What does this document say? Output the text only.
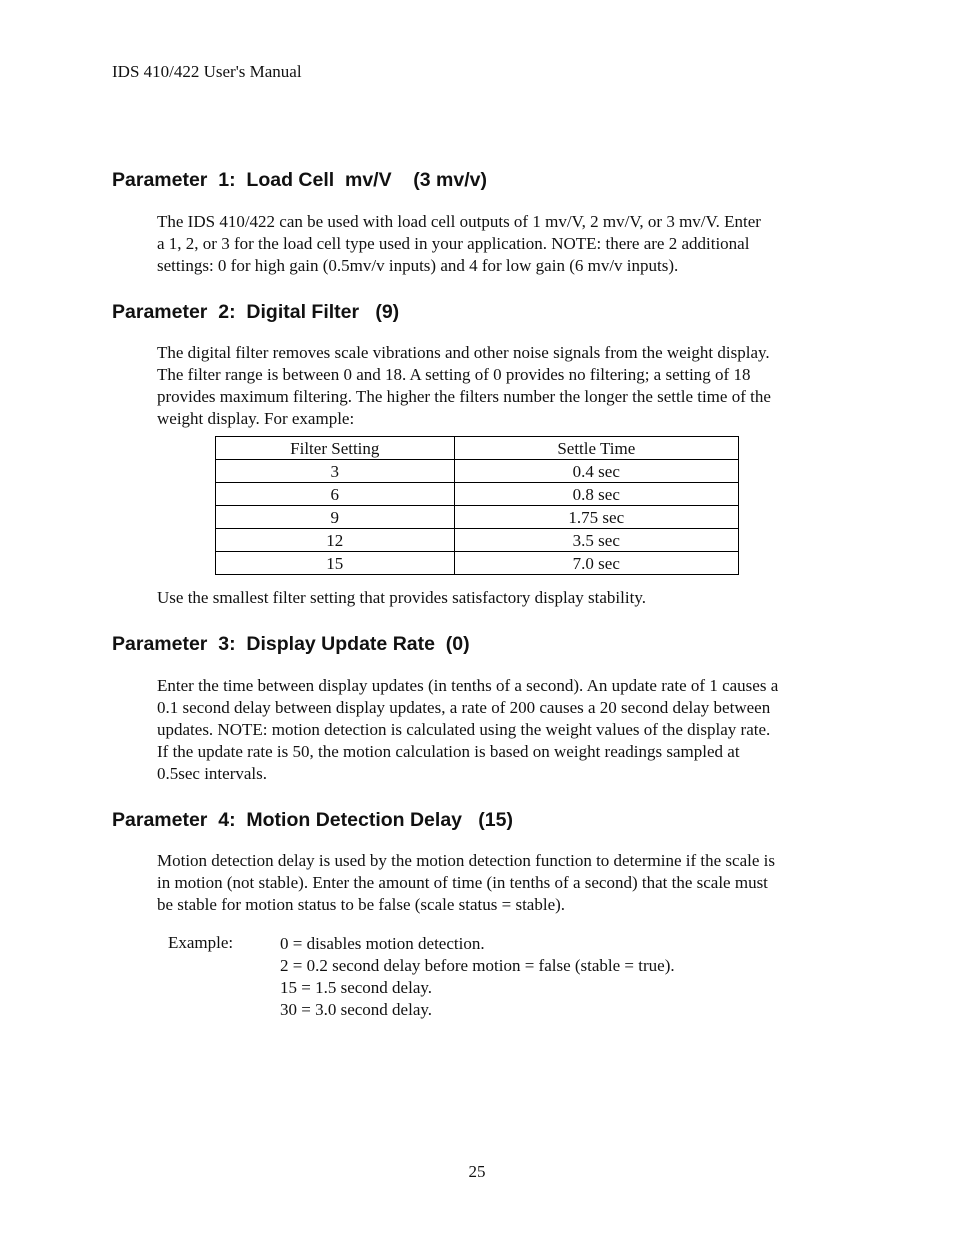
IDS 410/422 User's Manual
Parameter  1:  Load Cell  mv/V    (3 mv/v)
The IDS 410/422 can be used with load cell outputs of 1 mv/V, 2 mv/V, or 3 mv/V. Enter
a 1, 2, or 3 for the load cell type used in your application. NOTE: there are 2 additional
settings: 0 for high gain (0.5mv/v inputs) and 4 for low gain (6 mv/v inputs).
Parameter  2:  Digital Filter   (9)
The digital filter removes scale vibrations and other noise signals from the weight display.
The filter range is between 0 and 18. A setting of 0 provides no filtering; a setting of 18
provides maximum filtering. The higher the filters number the longer the settle time of the
weight display. For example:
Filter Setting	Settle Time
3	0.4 sec
6	0.8 sec
9	1.75 sec
12	3.5 sec
15	7.0 sec
Use the smallest filter setting that provides satisfactory display stability.
Parameter  3:  Display Update Rate  (0)
Enter the time between display updates (in tenths of a second). An update rate of 1 causes a
0.1 second delay between display updates, a rate of 200 causes a 20 second delay between
updates. NOTE: motion detection is calculated using the weight values of the display rate.
If the update rate is 50, the motion calculation is based on weight readings sampled at
0.5sec intervals.
Parameter  4:  Motion Detection Delay   (15)
Motion detection delay is used by the motion detection function to determine if the scale is
in motion (not stable). Enter the amount of time (in tenths of a second) that the scale must
be stable for motion status to be false (scale status = stable).
Example:	0 = disables motion detection.
2 = 0.2 second delay before motion = false (stable = true).
15 = 1.5 second delay.
30 = 3.0 second delay.
25
